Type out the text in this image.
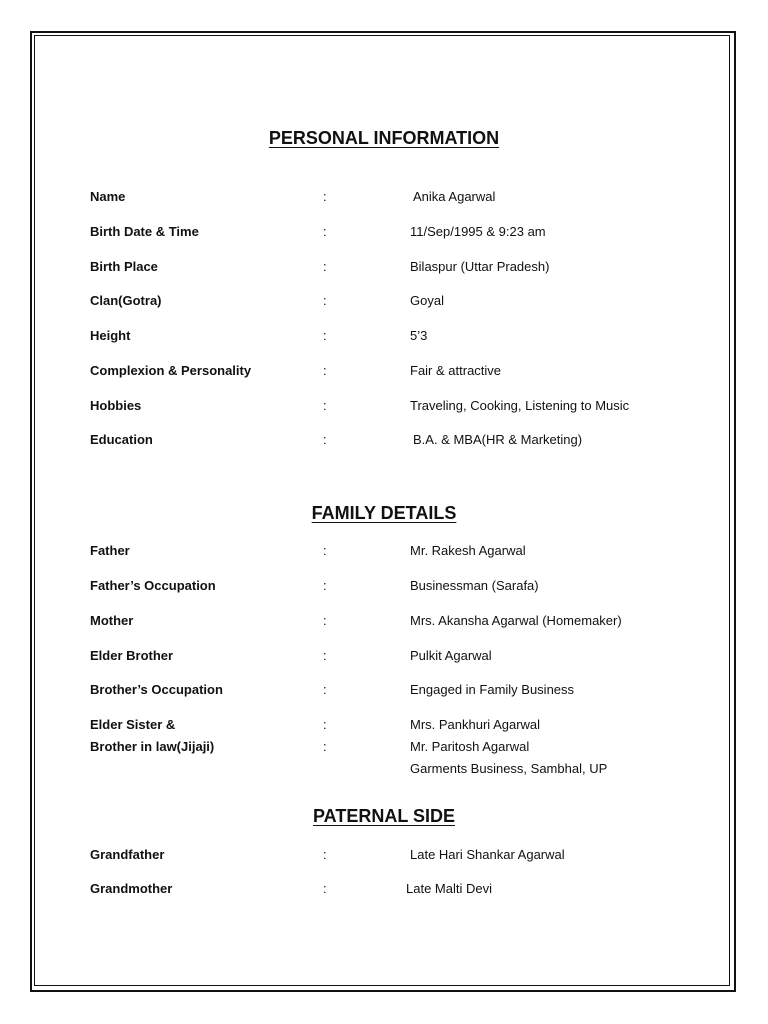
PERSONAL INFORMATION
Name	:	Anika Agarwal
Birth Date & Time	:	11/Sep/1995 & 9:23 am
Birth Place	:	Bilaspur (Uttar Pradesh)
Clan(Gotra)	:	Goyal
Height	:	5’3
Complexion & Personality	:	Fair & attractive
Hobbies	:	Traveling, Cooking, Listening to Music
Education	:	B.A. & MBA(HR & Marketing)
FAMILY DETAILS
Father	:	Mr. Rakesh Agarwal
Father’s Occupation	:	Businessman (Sarafa)
Mother	:	Mrs. Akansha Agarwal (Homemaker)
Elder Brother	:	Pulkit Agarwal
Brother’s Occupation	:	Engaged in Family Business
Elder Sister &	:	Mrs. Pankhuri Agarwal
Brother in law(Jijaji)	:	Mr. Paritosh Agarwal
Garments Business, Sambhal, UP
PATERNAL SIDE
Grandfather	:	Late Hari Shankar Agarwal
Grandmother	:	Late Malti Devi
